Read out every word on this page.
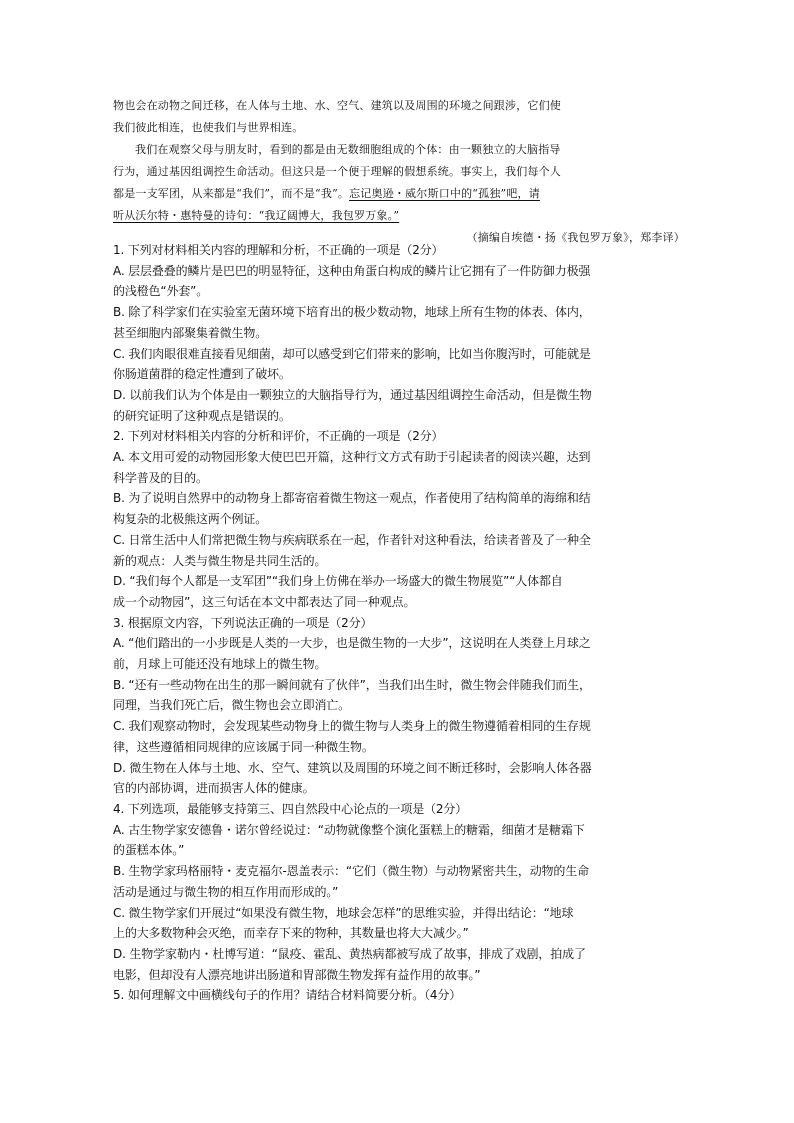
物也会在动物之间迁移，在人体与土地、水、空气、建筑以及周围的环境之间跟涉，它们使

我们彼此相连，也使我们与世界相连。

我们在观察父母与朋友时，看到的都是由无数细胞组成的个体：由一颗独立的大脑指导

行为，通过基因组调控生命活动。但这只是一个便于理解的假想系统。事实上，我们每个人

都是一支军团，从来都是“我们”，而不是“我”。忘记奥逊・威尔斯口中的“孤独”吧，请

听从沃尔特・惠特曼的诗句：“我辽阔博大，我包罗万象。”

（摘编自埃德・扬《我包罗万象》，郑李译）

1. 下列对材料相关内容的理解和分析，不正确的一项是（2分）

A. 层层叠叠的鳞片是巴巴的明显特征，这种由角蛋白构成的鳞片让它拥有了一件防御力极强

的浅橙色“外套”。

B. 除了科学家们在实验室无菌环境下培育出的极少数动物，地球上所有生物的体表、体内，

甚至细胞内部聚集着微生物。

C. 我们肉眼很难直接看见细菌，却可以感受到它们带来的影响，比如当你腹泻时，可能就是

你肠道菌群的稳定性遭到了破坏。

D. 以前我们认为个体是由一颗独立的大脑指导行为，通过基因组调控生命活动，但是微生物

的研究证明了这种观点是错误的。

2. 下列对材料相关内容的分析和评价，不正确的一项是（2分）

A. 本文用可爱的动物园形象大使巴巴开篇，这种行文方式有助于引起读者的阅读兴趣，达到

科学普及的目的。

B. 为了说明自然界中的动物身上都寄宿着微生物这一观点，作者使用了结构简单的海绵和结

构复杂的北极熊这两个例证。

C. 日常生活中人们常把微生物与疾病联系在一起，作者针对这种看法，给读者普及了一种全

新的观点：人类与微生物是共同生活的。

D. “我们每个人都是一支军团”“我们身上仿佛在举办一场盛大的微生物展览”“人体都自

成一个动物园”，这三句话在本文中都表达了同一种观点。

3. 根据原文内容，下列说法正确的一项是（2分）

A. “他们踏出的一小步既是人类的一大步，也是微生物的一大步”，这说明在人类登上月球之

前，月球上可能还没有地球上的微生物。

B. “还有一些动物在出生的那一瞬间就有了伙伴”，当我们出生时，微生物会伴随我们而生，

同理，当我们死亡后，微生物也会立即消亡。

C. 我们观察动物时，会发现某些动物身上的微生物与人类身上的微生物遵循着相同的生存规

律，这些遵循相同规律的应该属于同一种微生物。

D. 微生物在人体与土地、水、空气、建筑以及周围的环境之间不断迁移时，会影响人体各器

官的内部协调，进而损害人体的健康。

4. 下列选项，最能够支持第三、四自然段中心论点的一项是（2分）

A. 古生物学家安德鲁・诺尔曾经说过：“动物就像整个演化蛋糕上的糖霜，细菌才是糖霜下

的蛋糕本体。”

B. 生物学家玛格丽特・麦克福尔-恩盖表示：“它们（微生物）与动物紧密共生，动物的生命

活动是通过与微生物的相互作用而形成的。”

C. 微生物学家们开展过“如果没有微生物，地球会怎样”的思维实验，并得出结论：“地球

上的大多数物种会灭绝，而幸存下来的物种，其数量也将大大减少。”

D. 生物学家勒内・杜博写道：“鼠疫、霍乱、黄热病都被写成了故事，排成了戏剧，拍成了

电影，但却没有人漂亮地讲出肠道和胃部微生物发挥有益作用的故事。”

5. 如何理解文中画横线句子的作用？请结合材料简要分析。（4分）
